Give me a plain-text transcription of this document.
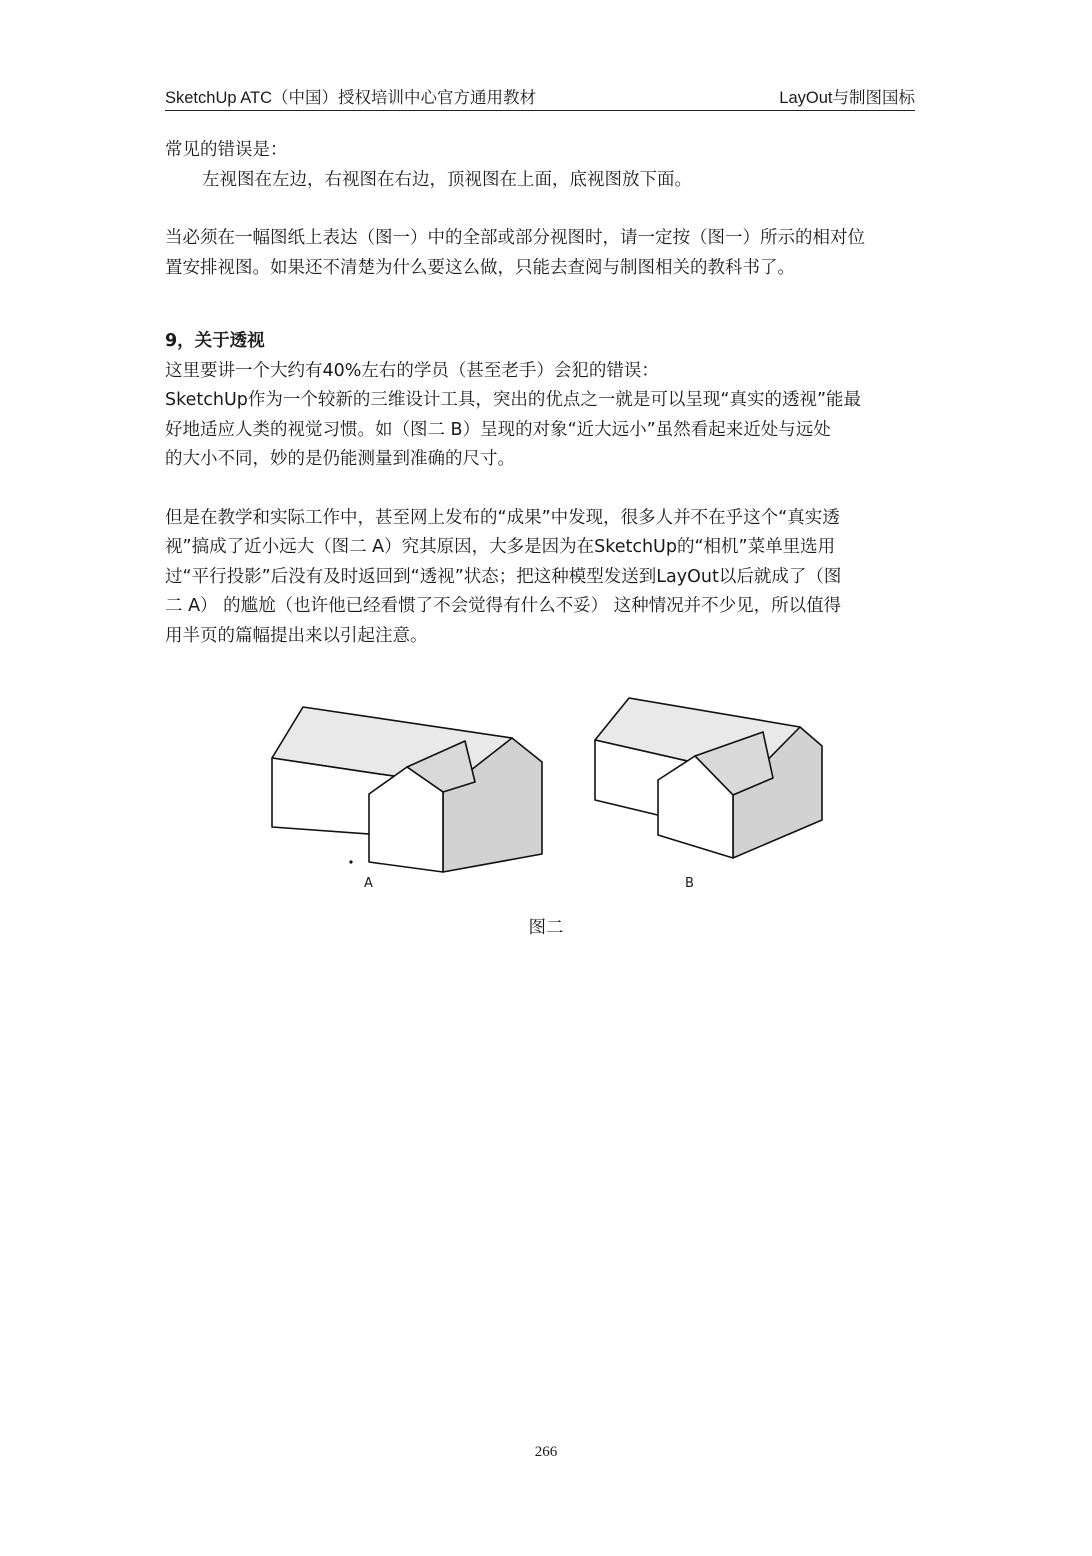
SketchUp ATC（中国）授权培训中心官方通用教材	LayOut与制图国标

常见的错误是：

左视图在左边，右视图在右边，顶视图在上面，底视图放下面。

当必须在一幅图纸上表达（图一）中的全部或部分视图时，请一定按（图一）所示的相对位

置安排视图。如果还不清楚为什么要这么做，只能去查阅与制图相关的教科书了。

9，关于透视

这里要讲一个大约有40%左右的学员（甚至老手）会犯的错误：

SketchUp作为一个较新的三维设计工具，突出的优点之一就是可以呈现“真实的透视”能最

好地适应人类的视觉习惯。如（图二 B）呈现的对象“近大远小”虽然看起来近处与远处

的大小不同，妙的是仍能测量到准确的尺寸。

但是在教学和实际工作中，甚至网上发布的“成果”中发现，很多人并不在乎这个“真实透

视”搞成了近小远大（图二 A）究其原因，大多是因为在SketchUp的“相机”菜单里选用

过“平行投影”后没有及时返回到“透视”状态；把这种模型发送到LayOut以后就成了（图

二 A） 的尴尬（也许他已经看惯了不会觉得有什么不妥） 这种情况并不少见，所以值得

用半页的篇幅提出来以引起注意。

A	B
图二
266
